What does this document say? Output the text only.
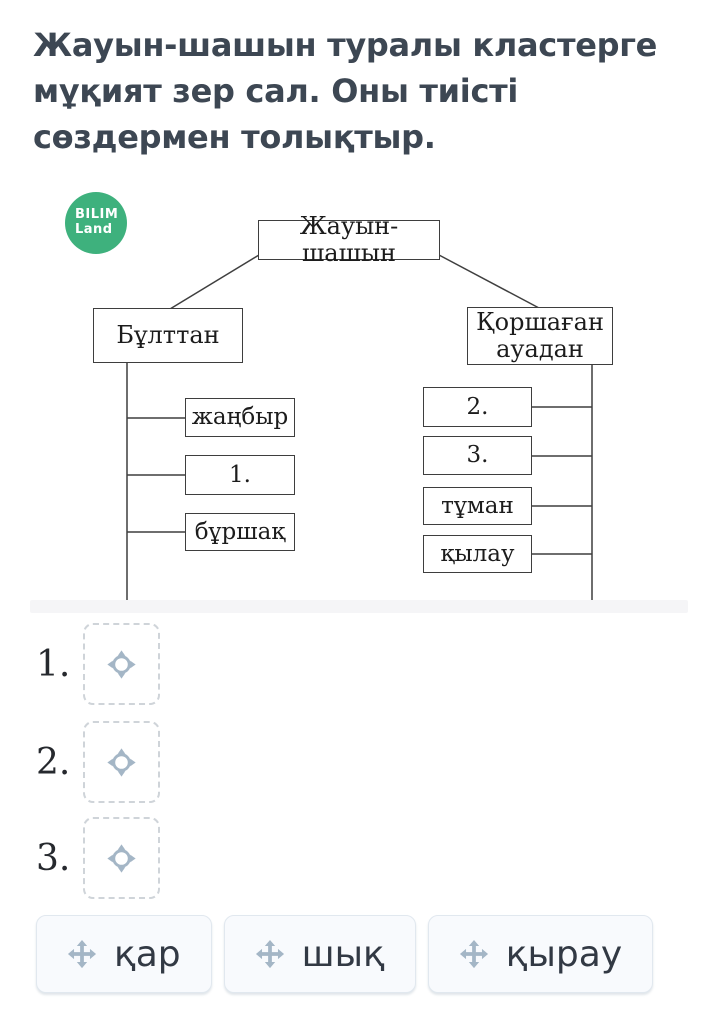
Жауын-шашын туралы кластерге
мұқият зер сал. Оны тиісті
сөздермен толықтыр.
BILIM
Land	Жауын-шашын
Бұлттан	Қоршаған ауадан
жаңбыр
1.
бұршақ
2.
3.
тұман
қылау
1.
2.
3.
қар	шық	қырау
